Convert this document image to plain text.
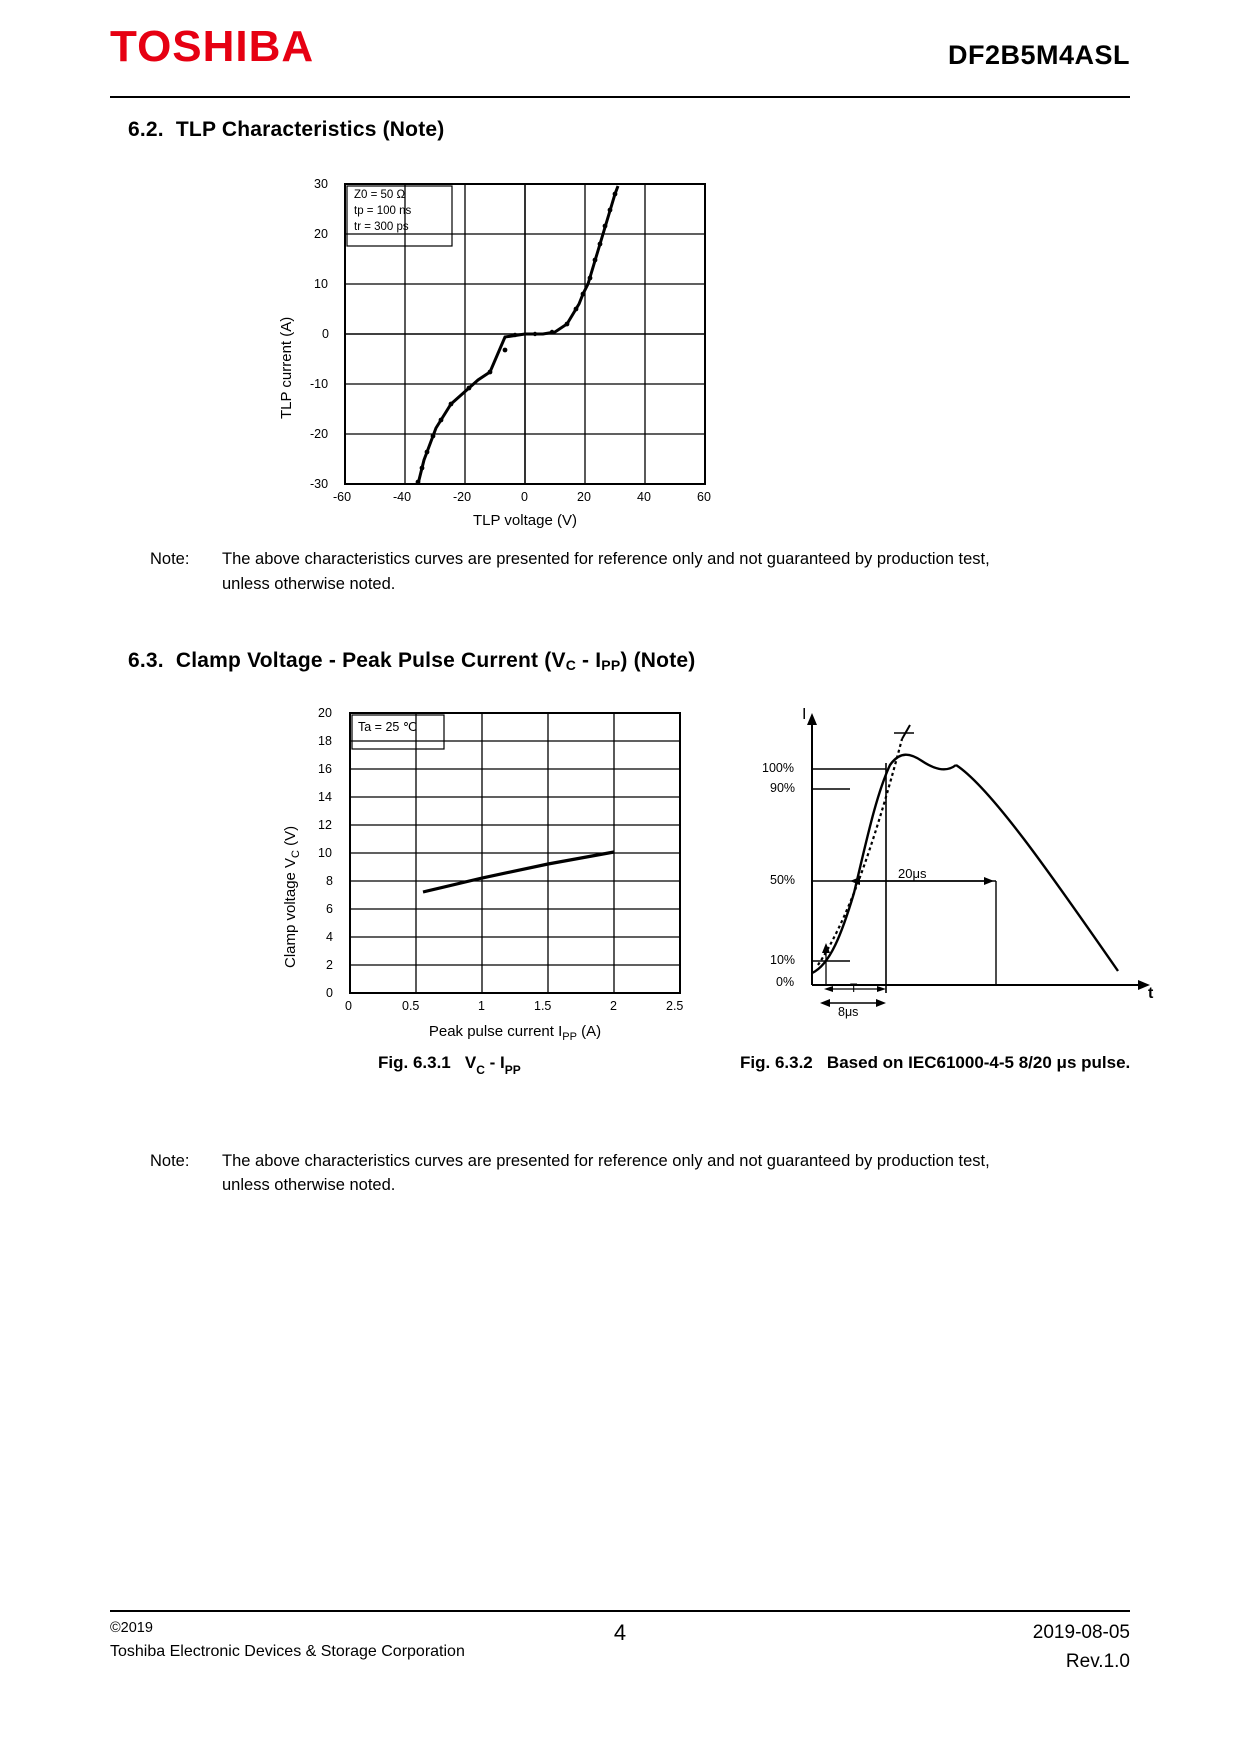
TOSHIBA	DF2B5M4ASL
6.2. TLP Characteristics (Note)
Z0 = 50 Ω
tp = 100 ns
tr = 300 ps
30
20
10
0
-10
-20
-30
-60	-40	-20	0	20	40	60
TLP voltage (V)
TLP current (A)
Note:	The above characteristics curves are presented for reference only and not guaranteed by production test,
unless otherwise noted.
6.3. Clamp Voltage - Peak Pulse Current $(V_C - I_{PP})$ (Note)
Ta = 25 ℃
20
18
16
14
12
10
8
6
4
2
0
0	0.5	1	1.5	2	2.5
Peak pulse current $I_{PP}$ (A)
Clamp voltage $V_C$ (V)
Fig. 6.3.1 $V_C - I_{PP}$
I
t
100%
90%
50%
10%
0%
20μs
8μs
T
Fig. 6.3.2 Based on IEC61000-4-5 8/20 μs pulse.
Note:	The above characteristics curves are presented for reference only and not guaranteed by production test,
unless otherwise noted.
©2019
Toshiba Electronic Devices & Storage Corporation
4	2019-08-05
Rev.1.0
